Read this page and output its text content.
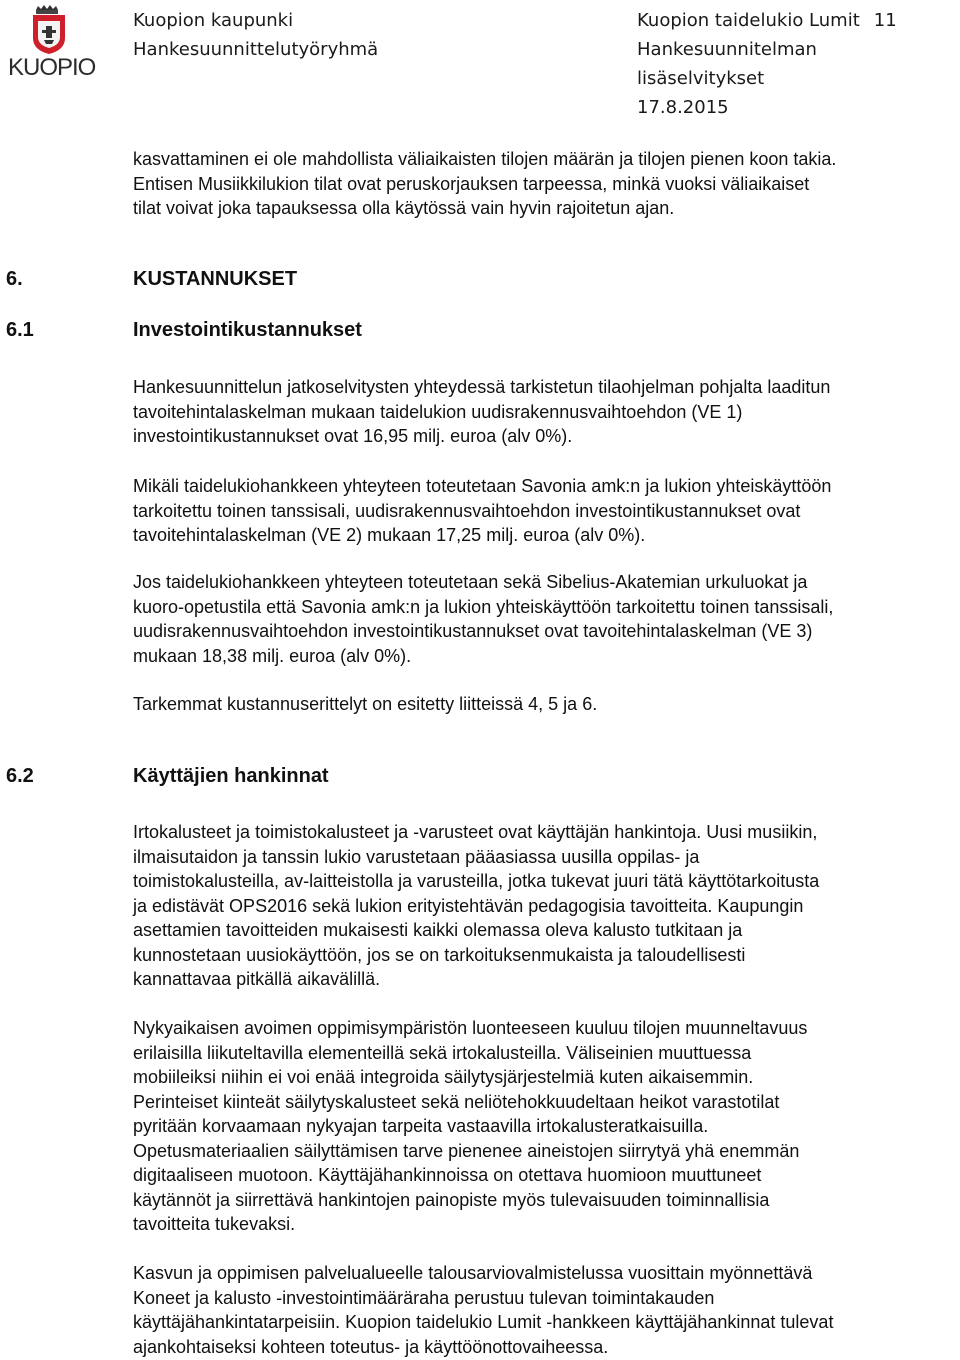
KUOPIO
Kuopion kaupunki
Hankesuunnittelutyöryhmä
Kuopion taidelukio Lumit 11
Hankesuunnitelman
lisäselvitykset
17.8.2015
kasvattaminen ei ole mahdollista väliaikaisten tilojen määrän ja tilojen pienen koon takia.
Entisen Musiikkilukion tilat ovat peruskorjauksen tarpeessa, minkä vuoksi väliaikaiset
tilat voivat joka tapauksessa olla käytössä vain hyvin rajoitetun ajan.
6.	KUSTANNUKSET
6.1	Investointikustannukset
Hankesuunnittelun jatkoselvitysten yhteydessä tarkistetun tilaohjelman pohjalta laaditun
tavoitehintalaskelman mukaan taidelukion uudisrakennusvaihtoehdon (VE 1)
investointikustannukset ovat 16,95 milj. euroa (alv 0%).
Mikäli taidelukiohankkeen yhteyteen toteutetaan Savonia amk:n ja lukion yhteiskäyttöön
tarkoitettu toinen tanssisali, uudisrakennusvaihtoehdon investointikustannukset ovat
tavoitehintalaskelman (VE 2) mukaan 17,25 milj. euroa (alv 0%).
Jos taidelukiohankkeen yhteyteen toteutetaan sekä Sibelius-Akatemian urkuluokat ja
kuoro-opetustila että Savonia amk:n ja lukion yhteiskäyttöön tarkoitettu toinen tanssisali,
uudisrakennusvaihtoehdon investointikustannukset ovat tavoitehintalaskelman (VE 3)
mukaan 18,38 milj. euroa (alv 0%).
Tarkemmat kustannuserittelyt on esitetty liitteissä 4, 5 ja 6.
6.2	Käyttäjien hankinnat
Irtokalusteet ja toimistokalusteet ja -varusteet ovat käyttäjän hankintoja. Uusi musiikin,
ilmaisutaidon ja tanssin lukio varustetaan pääasiassa uusilla oppilas- ja
toimistokalusteilla, av-laitteistolla ja varusteilla, jotka tukevat juuri tätä käyttötarkoitusta
ja edistävät OPS2016 sekä lukion erityistehtävän pedagogisia tavoitteita. Kaupungin
asettamien tavoitteiden mukaisesti kaikki olemassa oleva kalusto tutkitaan ja
kunnostetaan uusiokäyttöön, jos se on tarkoituksenmukaista ja taloudellisesti
kannattavaa pitkällä aikavälillä.
Nykyaikaisen avoimen oppimisympäristön luonteeseen kuuluu tilojen muunneltavuus
erilaisilla liikuteltavilla elementeillä sekä irtokalusteilla. Väliseinien muuttuessa
mobiileiksi niihin ei voi enää integroida säilytysjärjestelmiä kuten aikaisemmin.
Perinteiset kiinteät säilytyskalusteet sekä neliötehokkuudeltaan heikot varastotilat
pyritään korvaamaan nykyajan tarpeita vastaavilla irtokalusteratkaisuilla.
Opetusmateriaalien säilyttämisen tarve pienenee aineistojen siirrytyä yhä enemmän
digitaaliseen muotoon. Käyttäjähankinnoissa on otettava huomioon muuttuneet
käytännöt ja siirrettävä hankintojen painopiste myös tulevaisuuden toiminnallisia
tavoitteita tukevaksi.
Kasvun ja oppimisen palvelualueelle talousarviovalmistelussa vuosittain myönnettävä
Koneet ja kalusto -investointimääräraha perustuu tulevan toimintakauden
käyttäjähankintatarpeisiin. Kuopion taidelukio Lumit -hankkeen käyttäjähankinnat tulevat
ajankohtaiseksi kohteen toteutus- ja käyttöönottovaiheessa.
